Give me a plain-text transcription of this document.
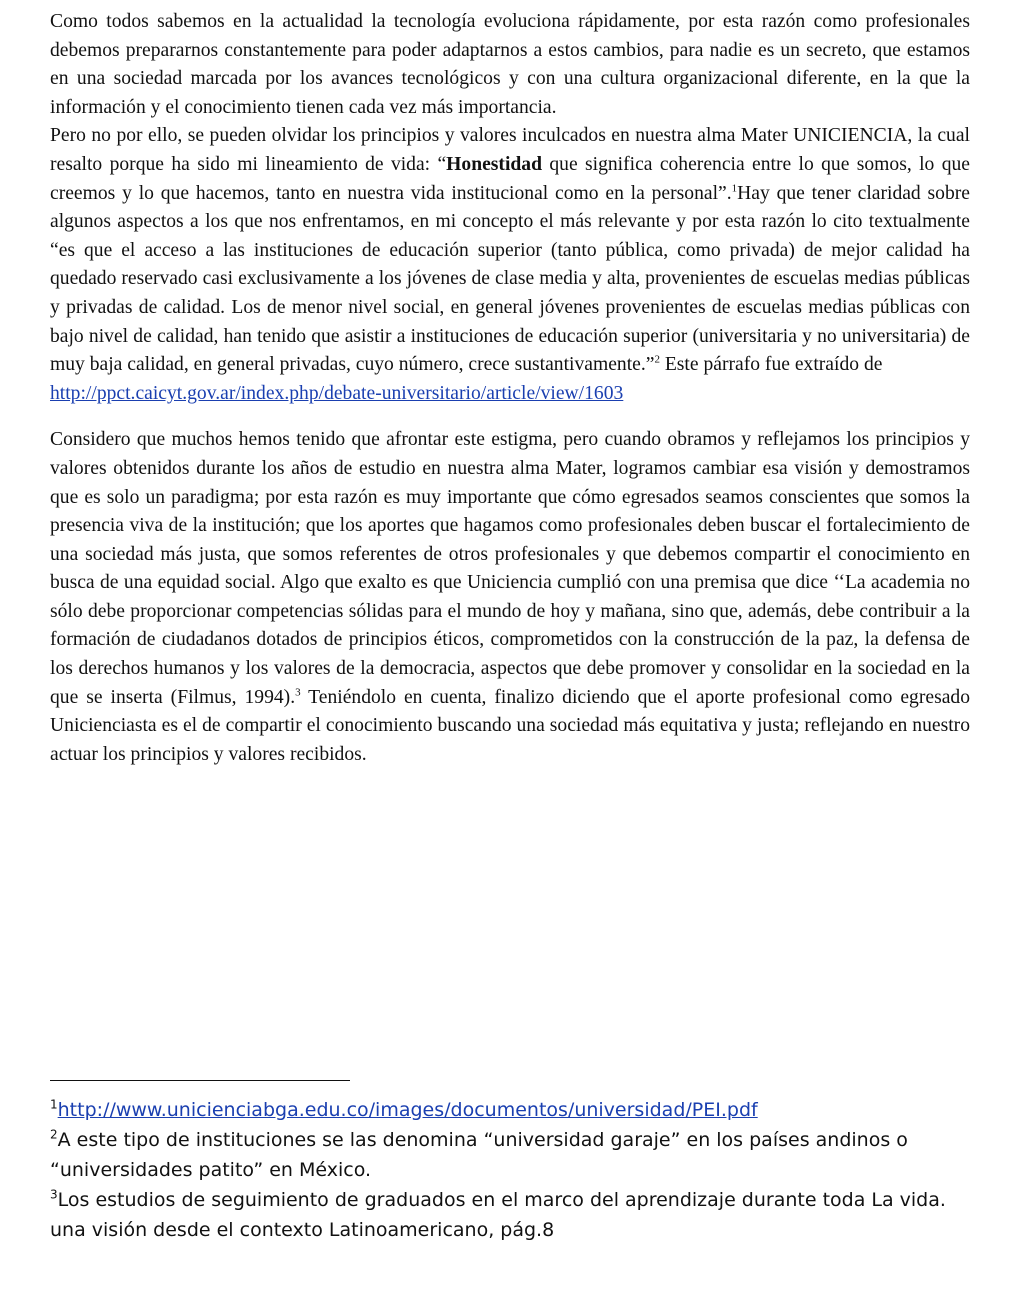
Como todos sabemos en la actualidad la tecnología evoluciona rápidamente, por esta razón como profesionales debemos prepararnos constantemente para poder adaptarnos a estos cambios, para nadie es un secreto, que estamos en una sociedad marcada por los avances tecnológicos y con una cultura organizacional diferente, en la que la información y el conocimiento tienen cada vez más importancia.

Pero no por ello, se pueden olvidar los principios y valores inculcados en nuestra alma Mater UNICIENCIA, la cual resalto porque ha sido mi lineamiento de vida: “Honestidad que significa coherencia entre lo que somos, lo que creemos y lo que hacemos, tanto en nuestra vida institucional como en la personal”.$^1$Hay que tener claridad sobre algunos aspectos a los que nos enfrentamos, en mi concepto el más relevante y por esta razón lo cito textualmente “es que el acceso a las instituciones de educación superior (tanto pública, como privada) de mejor calidad ha quedado reservado casi exclusivamente a los jóvenes de clase media y alta, provenientes de escuelas medias públicas y privadas de calidad. Los de menor nivel social, en general jóvenes provenientes de escuelas medias públicas con bajo nivel de calidad, han tenido que asistir a instituciones de educación superior (universitaria y no universitaria) de muy baja calidad, en general privadas, cuyo número, crece sustantivamente.”$^2$ Este párrafo fue extraído de
http://ppct.caicyt.gov.ar/index.php/debate-universitario/article/view/1603

Considero que muchos hemos tenido que afrontar este estigma, pero cuando obramos y reflejamos los principios y valores obtenidos durante los años de estudio en nuestra alma Mater, logramos cambiar esa visión y demostramos que es solo un paradigma; por esta razón es muy importante que cómo egresados seamos conscientes que somos la presencia viva de la institución; que los aportes que hagamos como profesionales deben buscar el fortalecimiento de una sociedad más justa, que somos referentes de otros profesionales y que debemos compartir el conocimiento en busca de una equidad social. Algo que exalto es que Uniciencia cumplió con una premisa que dice ‘‘La academia no sólo debe proporcionar competencias sólidas para el mundo de hoy y mañana, sino que, además, debe contribuir a la formación de ciudadanos dotados de principios éticos, comprometidos con la construcción de la paz, la defensa de los derechos humanos y los valores de la democracia, aspectos que debe promover y consolidar en la sociedad en la que se inserta (Filmus, 1994).$^3$ Teniéndolo en cuenta, finalizo diciendo que el aporte profesional como egresado Unicienciasta es el de compartir el conocimiento buscando una sociedad más equitativa y justa; reflejando en nuestro actuar los principios y valores recibidos.

$^1$http://www.unicienciabga.edu.co/images/documentos/universidad/PEI.pdf

$^2$A este tipo de instituciones se las denomina “universidad garaje” en los países andinos o “universidades patito” en México.

$^3$Los estudios de seguimiento de graduados en el marco del aprendizaje durante toda La vida. una visión desde el contexto Latinoamericano, pág.8
